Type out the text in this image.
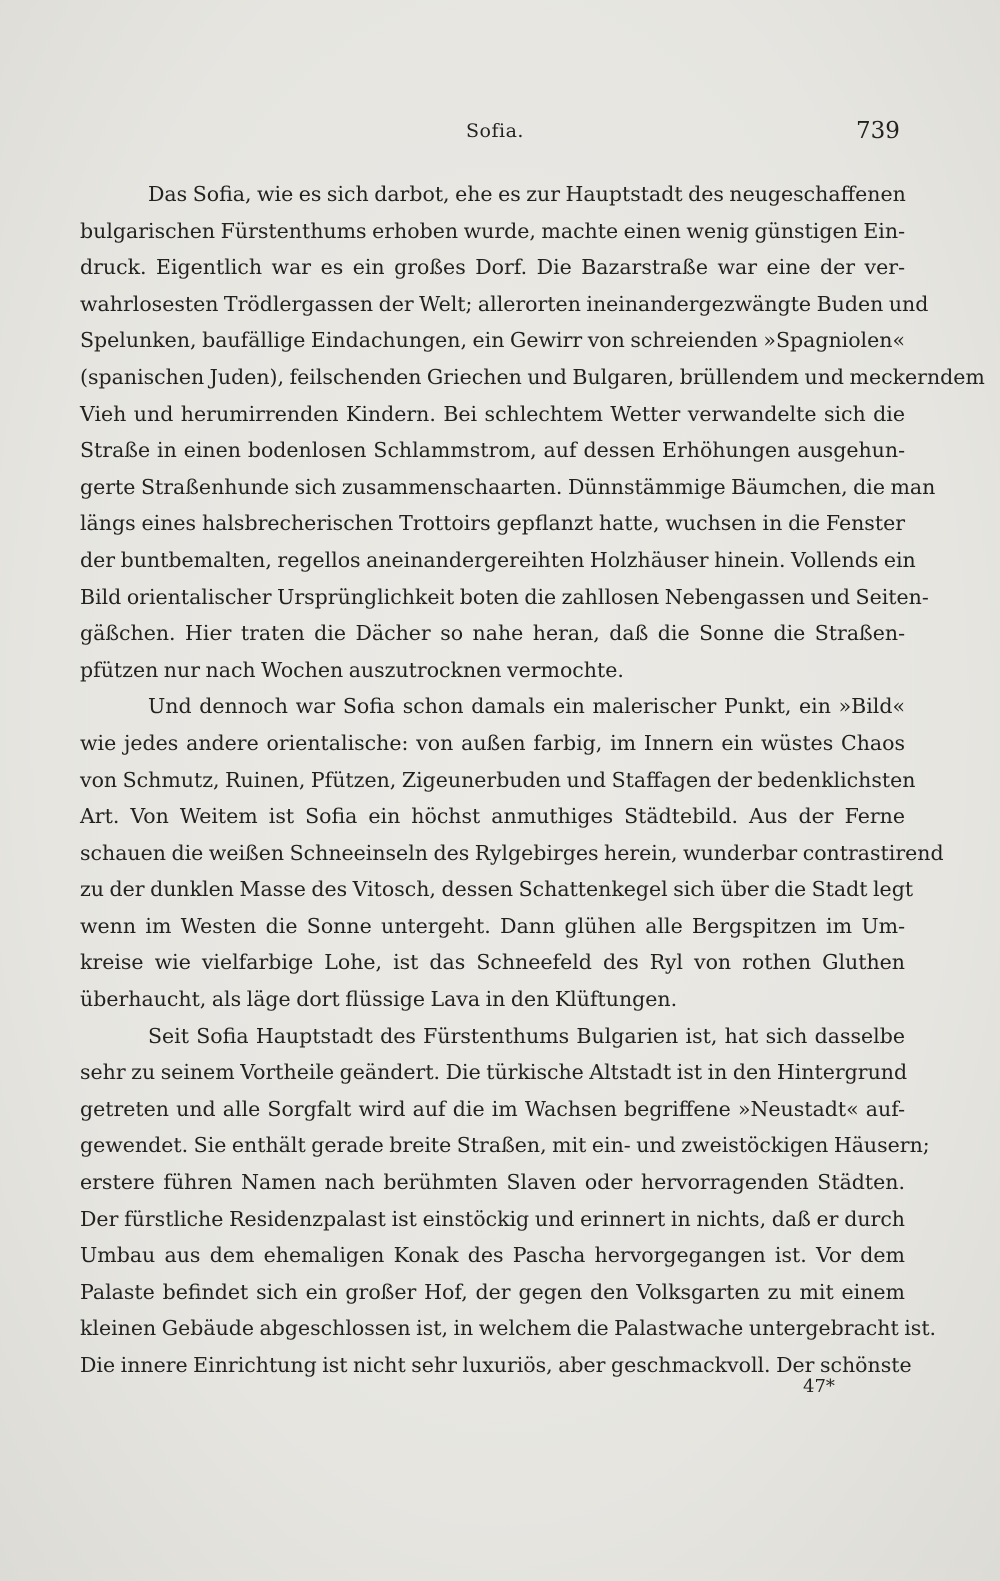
Sofia.	739
Das Sofia, wie es sich darbot, ehe es zur Hauptstadt des neugeschaffenen
bulgarischen Fürstenthums erhoben wurde, machte einen wenig günstigen Ein-
druck. Eigentlich war es ein großes Dorf. Die Bazarstraße war eine der ver-
wahrlosesten Trödlergassen der Welt; allerorten ineinandergezwängte Buden und
Spelunken, baufällige Eindachungen, ein Gewirr von schreienden »Spagniolen«
(spanischen Juden), feilschenden Griechen und Bulgaren, brüllendem und meckerndem
Vieh und herumirrenden Kindern. Bei schlechtem Wetter verwandelte sich die
Straße in einen bodenlosen Schlammstrom, auf dessen Erhöhungen ausgehun-
gerte Straßenhunde sich zusammenschaarten. Dünnstämmige Bäumchen, die man
längs eines halsbrecherischen Trottoirs gepflanzt hatte, wuchsen in die Fenster
der buntbemalten, regellos aneinandergereihten Holzhäuser hinein. Vollends ein
Bild orientalischer Ursprünglichkeit boten die zahllosen Nebengassen und Seiten-
gäßchen. Hier traten die Dächer so nahe heran, daß die Sonne die Straßen-
pfützen nur nach Wochen auszutrocknen vermochte.
Und dennoch war Sofia schon damals ein malerischer Punkt, ein »Bild«
wie jedes andere orientalische: von außen farbig, im Innern ein wüstes Chaos
von Schmutz, Ruinen, Pfützen, Zigeunerbuden und Staffagen der bedenklichsten
Art. Von Weitem ist Sofia ein höchst anmuthiges Städtebild. Aus der Ferne
schauen die weißen Schneeinseln des Rylgebirges herein, wunderbar contrastirend
zu der dunklen Masse des Vitosch, dessen Schattenkegel sich über die Stadt legt
wenn im Westen die Sonne untergeht. Dann glühen alle Bergspitzen im Um-
kreise wie vielfarbige Lohe, ist das Schneefeld des Ryl von rothen Gluthen
überhaucht, als läge dort flüssige Lava in den Klüftungen.
Seit Sofia Hauptstadt des Fürstenthums Bulgarien ist, hat sich dasselbe
sehr zu seinem Vortheile geändert. Die türkische Altstadt ist in den Hintergrund
getreten und alle Sorgfalt wird auf die im Wachsen begriffene »Neustadt« auf-
gewendet. Sie enthält gerade breite Straßen, mit ein- und zweistöckigen Häusern;
erstere führen Namen nach berühmten Slaven oder hervorragenden Städten.
Der fürstliche Residenzpalast ist einstöckig und erinnert in nichts, daß er durch
Umbau aus dem ehemaligen Konak des Pascha hervorgegangen ist. Vor dem
Palaste befindet sich ein großer Hof, der gegen den Volksgarten zu mit einem
kleinen Gebäude abgeschlossen ist, in welchem die Palastwache untergebracht ist.
Die innere Einrichtung ist nicht sehr luxuriös, aber geschmackvoll. Der schönste
47*
